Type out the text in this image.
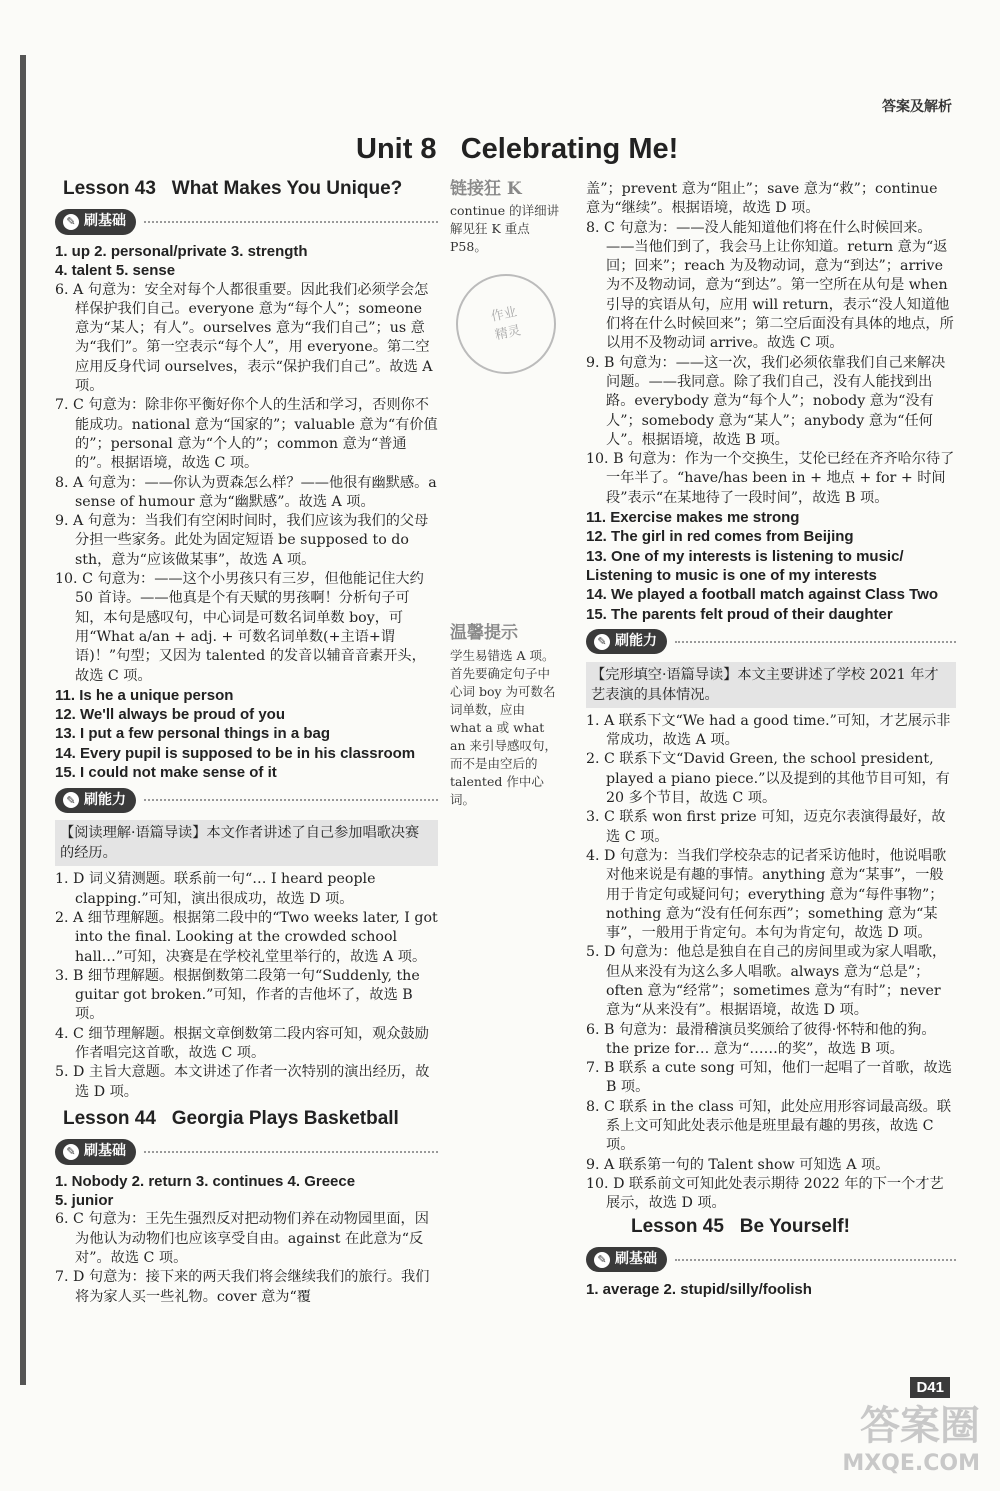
答案及解析
Unit 8   Celebrating Me!
Lesson 43   What Makes You Unique?
✎ 刷基础
1. up 2. personal/private 3. strength
4. talent 5. sense

6. A 句意为：安全对每个人都很重要。因此我们必须学会怎样保护我们自己。everyone 意为“每个人”；someone 意为“某人；有人”。ourselves 意为“我们自己”；us 意为“我们”。第一空表示“每个人”，用 everyone。第二空应用反身代词 ourselves，表示“保护我们自己”。故选 A 项。

7. C 句意为：除非你平衡好你个人的生活和学习，否则你不能成功。national 意为“国家的”；valuable 意为“有价值的”；personal 意为“个人的”；common 意为“普通的”。根据语境，故选 C 项。

8. A 句意为：——你认为贾森怎么样？——他很有幽默感。a sense of humour 意为“幽默感”。故选 A 项。

9. A 句意为：当我们有空闲时间时，我们应该为我们的父母分担一些家务。此处为固定短语 be supposed to do sth，意为“应该做某事”，故选 A 项。

10. C 句意为：——这个小男孩只有三岁，但他能记住大约 50 首诗。——他真是个有天赋的男孩啊！分析句子可知，本句是感叹句，中心词是可数名词单数 boy，可用“What a/an + adj. + 可数名词单数(+主语+谓语)！”句型；又因为 talented 的发音以辅音音素开头，故选 C 项。

11. Is he a unique person
12. We'll always be proud of you
13. I put a few personal things in a bag
14. Every pupil is supposed to be in his classroom
15. I could not make sense of it
✎ 刷能力
【阅读理解·语篇导读】本文作者讲述了自己参加唱歌决赛的经历。

1. D 词义猜测题。联系前一句“… I heard people clapping.”可知，演出很成功，故选 D 项。

2. A 细节理解题。根据第二段中的“Two weeks later, I got into the final. Looking at the crowded school hall…”可知，决赛是在学校礼堂里举行的，故选 A 项。

3. B 细节理解题。根据倒数第二段第一句“Suddenly, the guitar got broken.”可知，作者的吉他坏了，故选 B 项。

4. C 细节理解题。根据文章倒数第二段内容可知，观众鼓励作者唱完这首歌，故选 C 项。

5. D 主旨大意题。本文讲述了作者一次特别的演出经历，故选 D 项。

Lesson 44   Georgia Plays Basketball
✎ 刷基础
1. Nobody 2. return 3. continues 4. Greece
5. junior

6. C 句意为：王先生强烈反对把动物们养在动物园里面，因为他认为动物们也应该享受自由。against 在此意为“反对”。故选 C 项。

7. D 句意为：接下来的两天我们将会继续我们的旅行。我们将为家人买一些礼物。cover 意为“覆

链接狂 K
continue 的详细讲解见狂 K 重点 P58。
作业
精灵
温馨提示
学生易错选 A 项。首先要确定句子中心词 boy 为可数名词单数，应由 what a 或 what an 来引导感叹句，而不是由空后的 talented 作中心词。

盖”；prevent 意为“阻止”；save 意为“救”；continue 意为“继续”。根据语境，故选 D 项。

8. C 句意为：——没人能知道他们将在什么时候回来。——当他们到了，我会马上让你知道。return 意为“返回；回来”；reach 为及物动词，意为“到达”；arrive 为不及物动词，意为“到达”。第一空所在从句是 when 引导的宾语从句，应用 will return，表示“没人知道他们将在什么时候回来”；第二空后面没有具体的地点，所以用不及物动词 arrive。故选 C 项。

9. B 句意为：——这一次，我们必须依靠我们自己来解决问题。——我同意。除了我们自己，没有人能找到出路。everybody 意为“每个人”；nobody 意为“没有人”；somebody 意为“某人”；anybody 意为“任何人”。根据语境，故选 B 项。

10. B 句意为：作为一个交换生，艾伦已经在齐齐哈尔待了一年半了。“have/has been in + 地点 + for + 时间段”表示“在某地待了一段时间”，故选 B 项。

11. Exercise makes me strong
12. The girl in red comes from Beijing
13. One of my interests is listening to music/ Listening to music is one of my interests
14. We played a football match against Class Two
15. The parents felt proud of their daughter
✎ 刷能力
【完形填空·语篇导读】本文主要讲述了学校 2021 年才艺表演的具体情况。

1. A 联系下文“We had a good time.”可知，才艺展示非常成功，故选 A 项。

2. C 联系下文“David Green, the school president, played a piano piece.”以及提到的其他节目可知，有 20 多个节目，故选 C 项。

3. C 联系 won first prize 可知，迈克尔表演得最好，故选 C 项。

4. D 句意为：当我们学校杂志的记者采访他时，他说唱歌对他来说是有趣的事情。anything 意为“某事”，一般用于肯定句或疑问句；everything 意为“每件事物”；nothing 意为“没有任何东西”；something 意为“某事”，一般用于肯定句。本句为肯定句，故选 D 项。

5. D 句意为：他总是独自在自己的房间里或为家人唱歌，但从来没有为这么多人唱歌。always 意为“总是”；often 意为“经常”；sometimes 意为“有时”；never 意为“从来没有”。根据语境，故选 D 项。

6. B 句意为：最滑稽演员奖颁给了彼得·怀特和他的狗。the prize for… 意为“……的奖”，故选 B 项。

7. B 联系 a cute song 可知，他们一起唱了一首歌，故选 B 项。

8. C 联系 in the class 可知，此处应用形容词最高级。联系上文可知此处表示他是班里最有趣的男孩，故选 C 项。

9. A 联系第一句的 Talent show 可知选 A 项。

10. D 联系前文可知此处表示期待 2022 年的下一个才艺展示，故选 D 项。

Lesson 45   Be Yourself!
✎ 刷基础
1. average 2. stupid/silly/foolish
D41
答案圈
MXQE.COM
